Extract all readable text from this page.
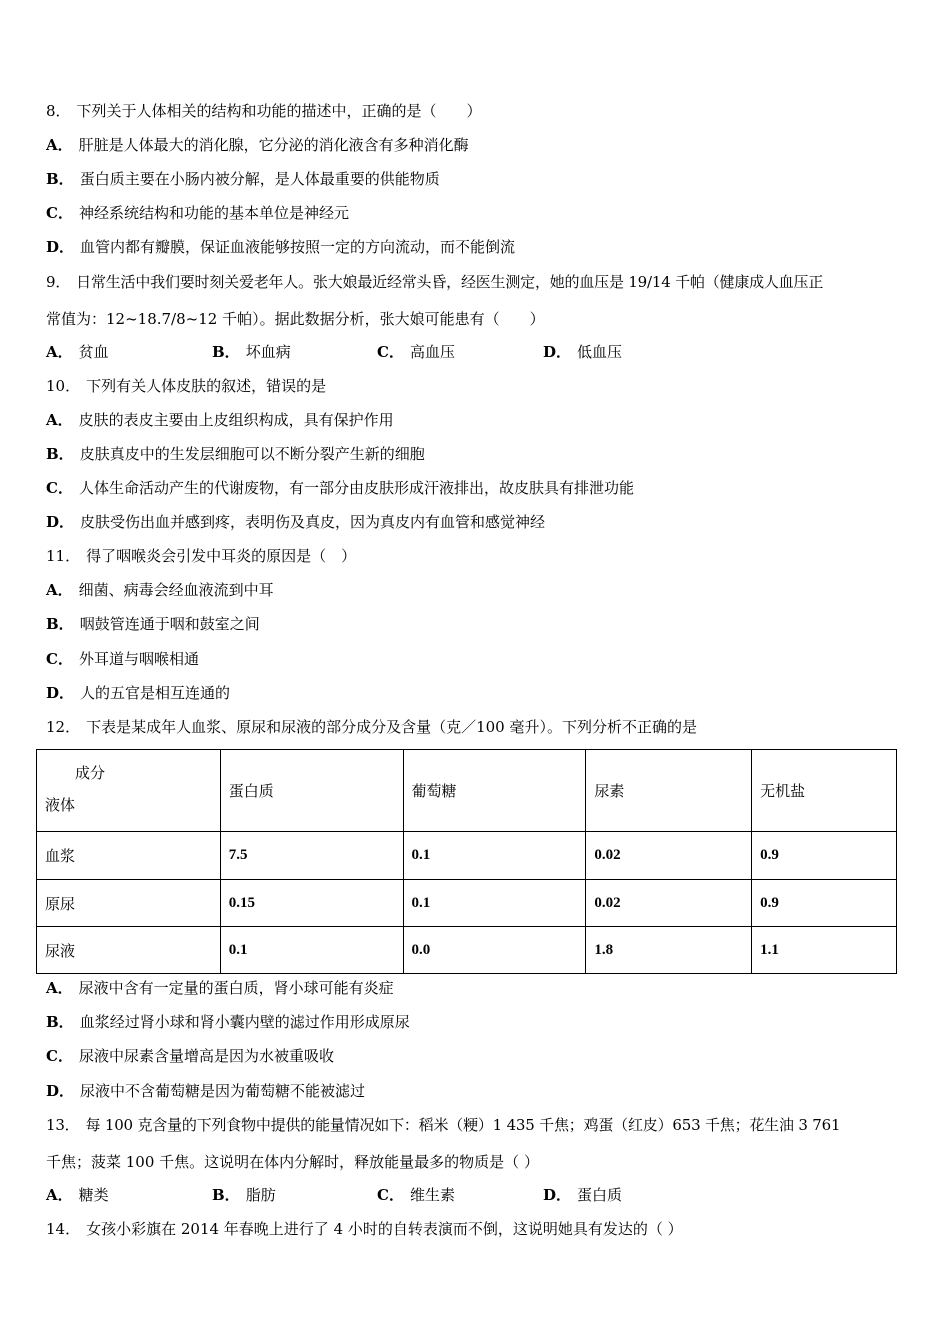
8． 下列关于人体相关的结构和功能的描述中，正确的是（　　）
A． 肝脏是人体最大的消化腺，它分泌的消化液含有多种消化酶
B． 蛋白质主要在小肠内被分解，是人体最重要的供能物质
C． 神经系统结构和功能的基本单位是神经元
D． 血管内都有瓣膜，保证血液能够按照一定的方向流动，而不能倒流
9． 日常生活中我们要时刻关爱老年人。张大娘最近经常头昏，经医生测定，她的血压是 19/14 千帕（健康成人血压正
常值为：12~18.7/8~12 千帕）。据此数据分析，张大娘可能患有（　　）
A． 贫血	B． 坏血病	C． 高血压	D． 低血压
10． 下列有关人体皮肤的叙述，错误的是
A． 皮肤的表皮主要由上皮组织构成，具有保护作用
B． 皮肤真皮中的生发层细胞可以不断分裂产生新的细胞
C． 人体生命活动产生的代谢废物，有一部分由皮肤形成汗液排出，故皮肤具有排泄功能
D． 皮肤受伤出血并感到疼，表明伤及真皮，因为真皮内有血管和感觉神经
11． 得了咽喉炎会引发中耳炎的原因是（　）
A． 细菌、病毒会经血液流到中耳
B． 咽鼓管连通于咽和鼓室之间
C． 外耳道与咽喉相通
D． 人的五官是相互连通的
12． 下表是某成年人血浆、原尿和尿液的部分成分及含量（克／100 毫升）。下列分析不正确的是
成分
液体	蛋白质	葡萄糖	尿素	无机盐
血浆	7.5	0.1	0.02	0.9
原尿	0.15	0.1	0.02	0.9
尿液	0.1	0.0	1.8	1.1
A． 尿液中含有一定量的蛋白质，肾小球可能有炎症
B． 血浆经过肾小球和肾小囊内壁的滤过作用形成原尿
C． 尿液中尿素含量增高是因为水被重吸收
D． 尿液中不含葡萄糖是因为葡萄糖不能被滤过
13． 每 100 克含量的下列食物中提供的能量情况如下：稻米（粳）1 435 千焦；鸡蛋（红皮）653 千焦；花生油 3 761
千焦；菠菜 100 千焦。这说明在体内分解时，释放能量最多的物质是（ ）
A． 糖类	B． 脂肪	C． 维生素	D． 蛋白质
14． 女孩小彩旗在 2014 年春晚上进行了 4 小时的自转表演而不倒，这说明她具有发达的（ ）
